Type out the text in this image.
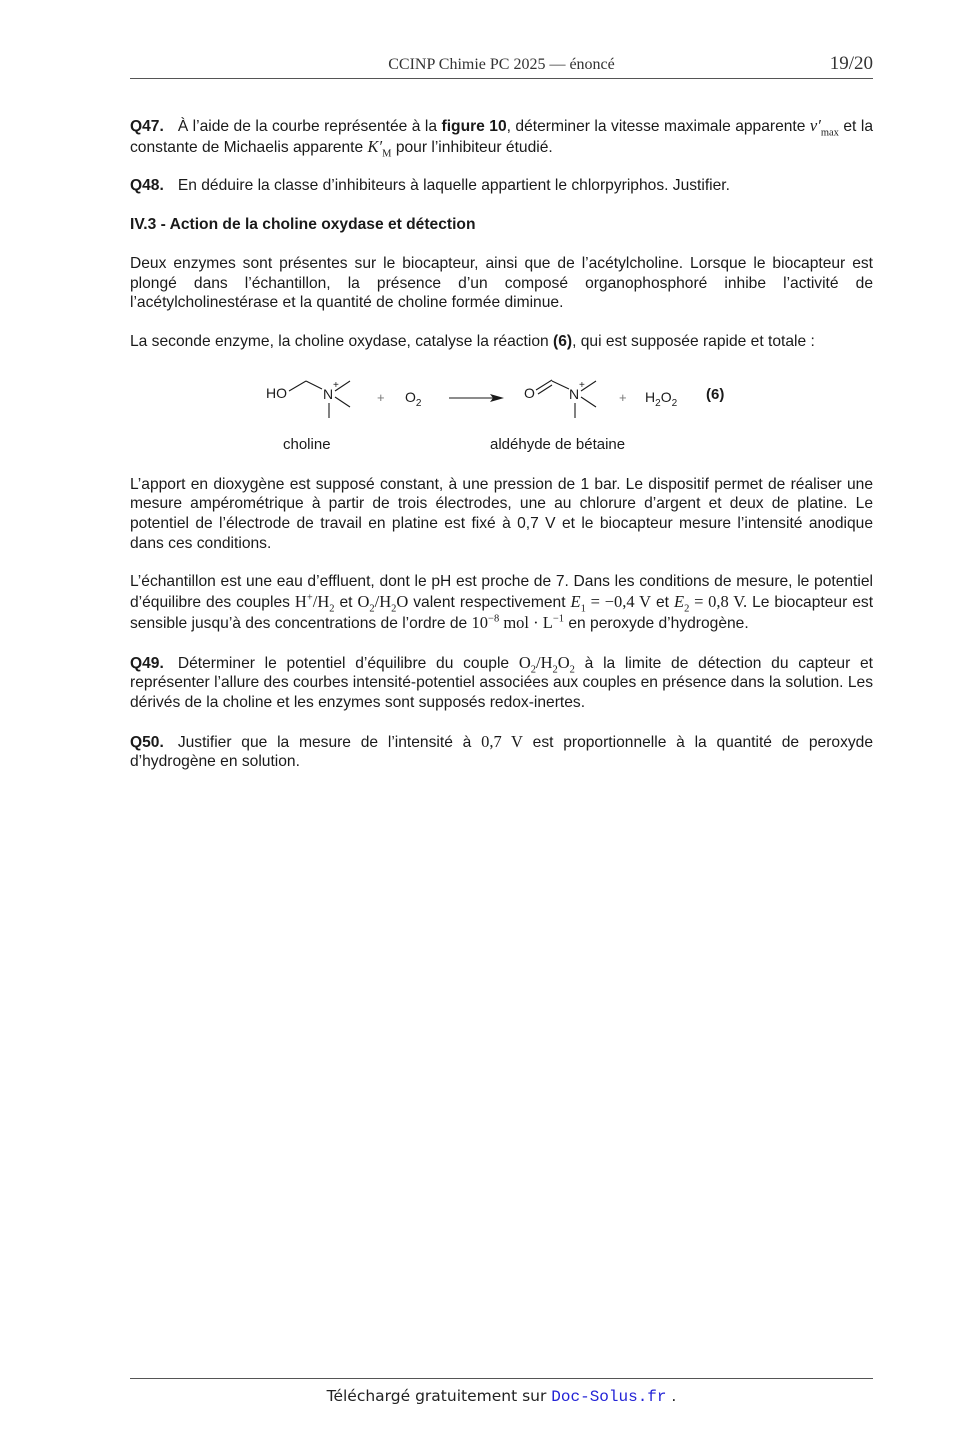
CCINP Chimie PC 2025 — énoncé	19/20

Q47. À l’aide de la courbe représentée à la figure 10, déterminer la vitesse maximale apparente $v'_{max}$ et la constante de Michaelis apparente $K'_M$ pour l’inhibiteur étudié.

Q48. En déduire la classe d’inhibiteurs à laquelle appartient le chlorpyriphos. Justifier.

IV.3 - Action de la choline oxydase et détection

Deux enzymes sont présentes sur le biocapteur, ainsi que de l’acétylcholine. Lorsque le biocapteur est plongé dans l’échantillon, la présence d’un composé organophosphoré inhibe l’activité de l’acétylcholinestérase et la quantité de choline formée diminue.

La seconde enzyme, la choline oxydase, catalyse la réaction (6), qui est supposée rapide et totale :

HO	N
+
+ $O_2$
O N
+
+ $H_2O_2$
(6)
choline	aldéhyde de bétaine

L’apport en dioxygène est supposé constant, à une pression de 1 bar. Le dispositif permet de réaliser une mesure ampérométrique à partir de trois électrodes, une au chlorure d’argent et deux de platine. Le potentiel de l’électrode de travail en platine est fixé à 0,7 V et le biocapteur mesure l’intensité anodique dans ces conditions.

L’échantillon est une eau d’effluent, dont le pH est proche de 7. Dans les conditions de mesure, le potentiel d’équilibre des couples $H^+/H_2$ et $O_2/H_2O$ valent respectivement $E_1 = -0,4$ V et $E_2 = 0,8$ V. Le biocapteur est sensible jusqu’à des concentrations de l’ordre de $10^{-8}$ mol · $L^{-1}$ en peroxyde d’hydrogène.

Q49. Déterminer le potentiel d’équilibre du couple $O_2/H_2O_2$ à la limite de détection du capteur et représenter l’allure des courbes intensité-potentiel associées aux couples en présence dans la solution. Les dérivés de la choline et les enzymes sont supposés redox-inertes.

Q50. Justifier que la mesure de l’intensité à 0,7 V est proportionnelle à la quantité de peroxyde d’hydrogène en solution.

Téléchargé gratuitement sur Doc-Solus.fr .
